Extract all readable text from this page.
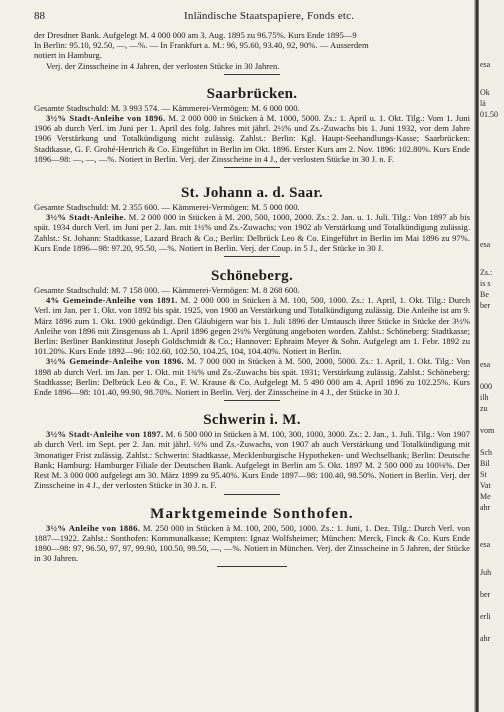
88	Inländische Staatspapiere, Fonds etc.

der Dresdner Bank. Aufgelegt M. 4 000 000 am 3. Aug. 1895 zu 96.75%. Kurs Ende 1895—9

In Berlin: 95.10, 92.50, —, —%. — In Frankfurt a. M.: 96, 95.60, 93.40, 92, 90%. — Ausserdem

notiert in Hamburg.

Verj. der Zinsscheine in 4 Jahren, der verlosten Stücke in 30 Jahren.

Saarbrücken.

Gesamte Stadtschuld: M. 3 993 574. — Kämmerei-Vermögen: M. 6 000 000.

3½% Stadt-Anleihe von 1896. M. 2 000 000 in Stücken à M. 1000, 5000. Zs.: 1. April u. 1. Okt. Tilg.: Vom 1. Juni 1906 ab durch Verl. im Juni per 1. April des folg. Jahres mit jährl. 2½% und Zs.-Zuwachs bis 1. Juni 1932, vor dem Jahre 1906 Verstärkung und Totalkündigung nicht zulässig. Zahlst.: Berlin: Kgl. Haupt-Seehandlungs-Kasse; Saarbrücken: Stadtkasse, G. F. Grohé-Henrich & Co. Eingeführt in Berlin im Okt. 1896. Erster Kurs am 2. Nov. 1896: 102.80%. Kurs Ende 1896—98: —, —, —%. Notiert in Berlin. Verj. der Zinsscheine in 4 J., der verlosten Stücke in 30 J. n. F.

St. Johann a. d. Saar.

Gesamte Stadtschuld: M. 2 355 600. — Kämmerei-Vermögen: M. 5 000 000.

3½% Stadt-Anleihe. M. 2 000 000 in Stücken à M. 200, 500, 1000, 2000. Zs.: 2. Jan. u. 1. Juli. Tilg.: Von 1897 ab bis spät. 1934 durch Verl. im Juni per 2. Jan. mit 1½% und Zs.-Zuwachs; von 1902 ab Verstärkung und Totalkündigung zulässig. Zahlst.: St. Johann: Stadtkasse, Lazard Brach & Co.; Berlin: Delbrück Leo & Co. Eingeführt in Berlin im Mai 1896 zu 97%. Kurs Ende 1896—98: 97.20, 95.50, —%. Notiert in Berlin. Verj. der Coup. in 5 J., der Stücke in 30 J.

Schöneberg.

Gesamte Stadtschuld: M. 7 158 000. — Kämmerei-Vermögen: M. 8 268 600.

4% Gemeinde-Anleihe von 1891. M. 2 000 000 in Stücken à M. 100, 500, 1000. Zs.: 1. April, 1. Okt. Tilg.: Durch Verl. im Jan. per 1. Okt. von 1892 bis spät. 1925, von 1900 an Verstärkung und Totalkündigung zulässig. Die Anleihe ist am 9. März 1896 zum 1. Okt. 1900 gekündigt. Den Gläubigern war bis 1. Juli 1896 der Umtausch ihrer Stücke in Stücke der 3½% Anleihe von 1896 mit Zinsgenuss ab 1. April 1896 gegen 2½% Vergütung angeboten worden. Zahlst.: Schöneberg: Stadtkasse; Berlin: Berliner Bankinstitut Joseph Goldschmidt & Co.; Hannover: Ephraim Meyer & Sohn. Aufgelegt am 1. Febr. 1892 zu 101.20%. Kurs Ende 1892—96: 102.60, 102.50, 104.25, 104, 104.40%. Notiert in Berlin.

3½% Gemeinde-Anleihe von 1896. M. 7 000 000 in Stücken à M. 500, 2000, 5000. Zs.: 1. April, 1. Okt. Tilg.: Von 1898 ab durch Verl. im Jan. per 1. Okt. mit 1¾% und Zs.-Zuwachs bis spät. 1931; Verstärkung zulässig. Zahlst.: Schöneberg: Stadtkasse; Berlin: Delbrück Leo & Co., F. W. Krause & Co. Aufgelegt M. 5 490 000 am 4. April 1896 zu 102.25%. Kurs Ende 1896—98: 101.40, 99.90, 98.70%. Notiert in Berlin. Verj. der Zinsscheine in 4 J., der Stücke in 30 J.

Schwerin i. M.

3½% Stadt-Anleihe von 1897. M. 6 500 000 in Stücken à M. 100, 300, 1000, 3000. Zs.: 2. Jan., 1. Juli. Tilg.: Von 1907 ab durch Verl. im Sept. per 2. Jan. mit jährl. ½% und Zs.-Zuwachs, von 1907 ab auch Verstärkung und Totalkündigung mit 3monatiger Frist zulässig. Zahlst.: Schwerin: Stadtkasse, Mecklenburgische Hypotheken- und Wechselbank; Berlin: Deutsche Bank; Hamburg: Hamburger Filiale der Deutschen Bank. Aufgelegt in Berlin am 5. Okt. 1897 M. 2 500 000 zu 100⅛%. Der Rest M. 3 000 000 aufgelegt am 30. März 1899 zu 95.40%. Kurs Ende 1897—98: 100.40, 98.50%. Notiert in Berlin. Verj. der Zinsscheine in 4 J., der verlosten Stücke in 30 J. n. F.

Marktgemeinde Sonthofen.

3½% Anleihe von 1886. M. 250 000 in Stücken à M. 100, 200, 500, 1000. Zs.: 1. Juni, 1. Dez. Tilg.: Durch Verl. von 1887—1922. Zahlst.: Sonthofen: Kommunalkasse; Kempten: Ignaz Wolfsheimer; München: Merck, Finck & Co. Kurs Ende 1890—98: 97, 96.50, 97, 97, 99.90, 100.50, 99.50, —, —%. Notiert in München. Verj. der Zinsscheine in 5 Jahren, der Stücke in 30 Jahren.

esa
Ok
lä
01.50
esa
Zs.:
is s
Be
ber
esa
000
ilh
zu
vom
Sch
Bil
St
Vat
Me
ahr
esa
Juh
ber
erli
ahr
